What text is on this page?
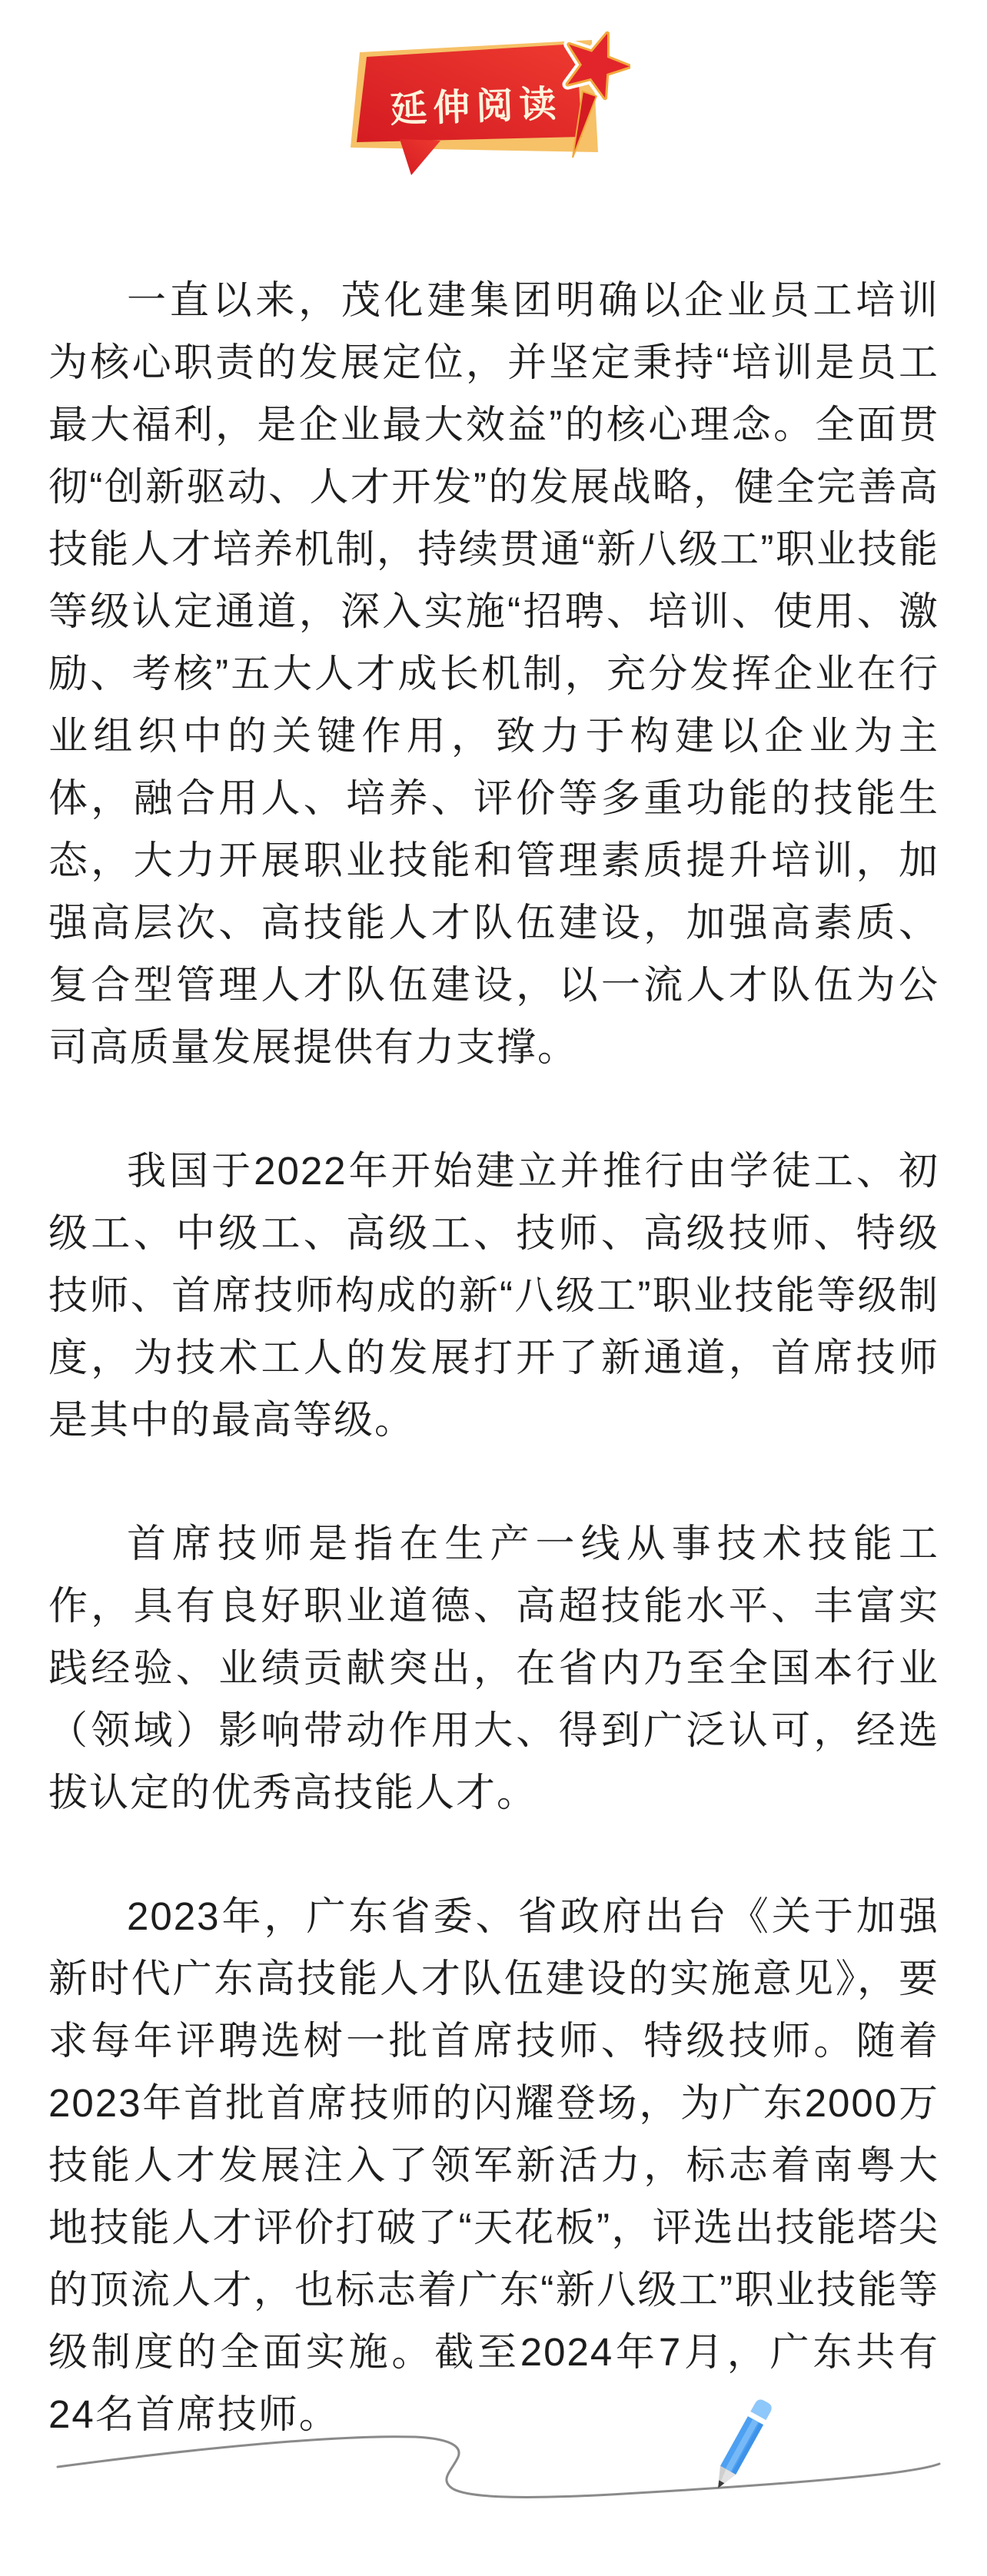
延伸阅读

一直以来，茂化建集团明确以企业员工培训为核心职责的发展定位，并坚定秉持“培训是员工最大福利，是企业最大效益”的核心理念。全面贯彻“创新驱动、人才开发”的发展战略，健全完善高技能人才培养机制，持续贯通“新八级工”职业技能等级认定通道，深入实施“招聘、培训、使用、激励、考核”五大人才成长机制，充分发挥企业在行业组织中的关键作用，致力于构建以企业为主体，融合用人、培养、评价等多重功能的技能生态，大力开展职业技能和管理素质提升培训，加强高层次、高技能人才队伍建设，加强高素质、复合型管理人才队伍建设，以一流人才队伍为公司高质量发展提供有力支撑。

我国于2022年开始建立并推行由学徒工、初级工、中级工、高级工、技师、高级技师、特级技师、首席技师构成的新“八级工”职业技能等级制度，为技术工人的发展打开了新通道，首席技师是其中的最高等级。

首席技师是指在生产一线从事技术技能工作，具有良好职业道德、高超技能水平、丰富实践经验、业绩贡献突出，在省内乃至全国本行业（领域）影响带动作用大、得到广泛认可，经选拔认定的优秀高技能人才。

2023年，广东省委、省政府出台《关于加强新时代广东高技能人才队伍建设的实施意见》，要求每年评聘选树一批首席技师、特级技师。随着2023年首批首席技师的闪耀登场，为广东2000万技能人才发展注入了领军新活力，标志着南粤大地技能人才评价打破了“天花板”，评选出技能塔尖的顶流人才，也标志着广东“新八级工”职业技能等级制度的全面实施。截至2024年7月，广东共有24名首席技师。
